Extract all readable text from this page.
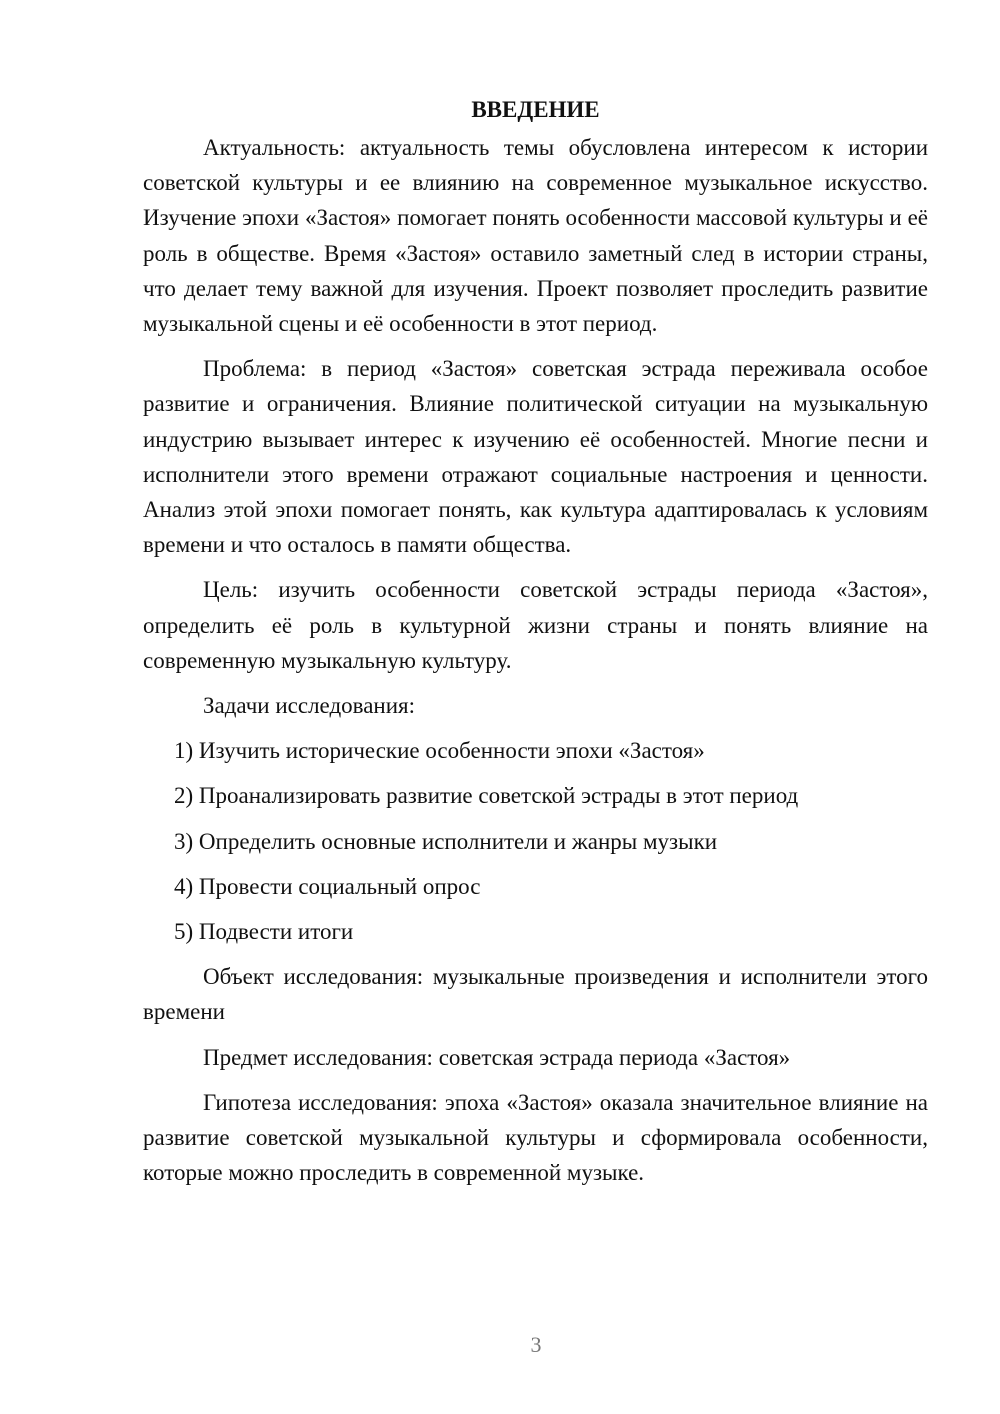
ВВЕДЕНИЕ

Актуальность: актуальность темы обусловлена интересом к истории советской культуры и ее влиянию на современное музыкальное искусство. Изучение эпохи «Застоя» помогает понять особенности массовой культуры и её роль в обществе. Время «Застоя» оставило заметный след в истории страны, что делает тему важной для изучения. Проект позволяет проследить развитие музыкальной сцены и её особенности в этот период.

Проблема: в период «Застоя» советская эстрада переживала особое развитие и ограничения. Влияние политической ситуации на музыкальную индустрию вызывает интерес к изучению её особенностей. Многие песни и исполнители этого времени отражают социальные настроения и ценности. Анализ этой эпохи помогает понять, как культура адаптировалась к условиям времени и что осталось в памяти общества.

Цель: изучить особенности советской эстрады периода «Застоя», определить её роль в культурной жизни страны и понять влияние на современную музыкальную культуру.

Задачи исследования:

1) Изучить исторические особенности эпохи «Застоя»
2) Проанализировать развитие советской эстрады в этот период
3) Определить основные исполнители и жанры музыки
4) Провести социальный опрос
5) Подвести итоги

Объект исследования: музыкальные произведения и исполнители этого времени

Предмет исследования: советская эстрада периода «Застоя»

Гипотеза исследования: эпоха «Застоя» оказала значительное влияние на развитие советской музыкальной культуры и сформировала особенности, которые можно проследить в современной музыке.

3
